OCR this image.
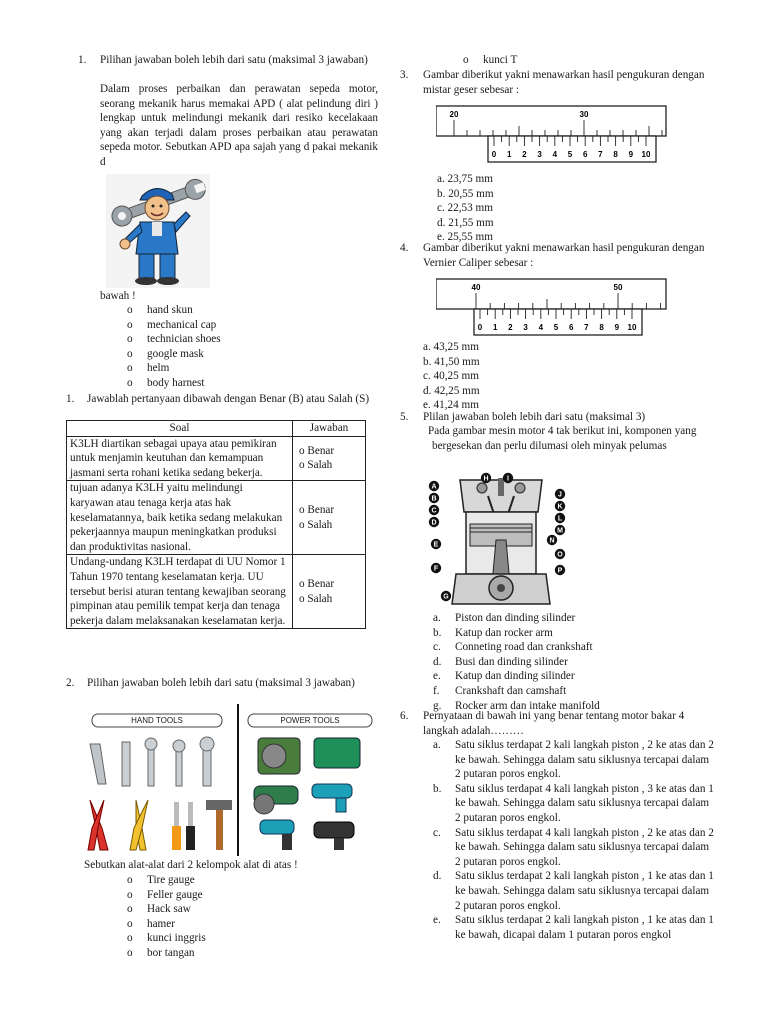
1. Pilihan jawaban boleh lebih dari satu (maksimal 3 jawaban)
Dalam proses perbaikan dan perawatan sepeda motor, seorang mekanik harus memakai APD ( alat pelindung diri ) lengkap untuk melindungi mekanik dari resiko kecelakaan yang akan terjadi dalam proses perbaikan atau perawatan sepeda motor. Sebutkan APD apa sajah yang d pakai mekanik d
bawah !
o hand skun
o mechanical cap
o technician shoes
o google mask
o helm
o body harnest
1. Jawablah pertanyaan dibawah dengan Benar (B) atau Salah (S)
Soal	Jawaban
K3LH diartikan sebagai upaya atau pemikiran untuk menjamin keutuhan dan kemampuan jasmani serta rohani ketika sedang bekerja.	o Benar
o Salah

tujuan adanya K3LH yaitu melindungi karyawan atau tenaga kerja atas hak keselamatannya, baik ketika sedang melakukan pekerjaannya maupun meningkatkan produksi dan produktivitas nasional.	o Benar
o Salah

Undang-undang K3LH terdapat di UU Nomor 1 Tahun 1970 tentang keselamatan kerja. UU tersebut berisi aturan tentang kewajiban seorang pimpinan atau pemilik tempat kerja dan tenaga pekerja dalam melaksanakan keselamatan kerja.	o Benar
o Salah
2. Pilihan jawaban boleh lebih dari satu (maksimal 3 jawaban)
HAND TOOLS	POWER TOOLS
Sebutkan alat-alat dari 2 kelompok alat di atas !
o Tire gauge
o Feller gauge
o Hack saw
o hamer
o kunci inggris
o bor tangan
o kunci T
3. Gambar diberikut yakni menawarkan hasil pengukuran dengan mistar geser sebesar :
20	30
0 1 2 3 4 5 6 7 8 9 10
a. 23,75 mm
b. 20,55 mm
c. 22,53 mm
d. 21,55 mm
e. 25,55 mm
4. Gambar diberikut yakni menawarkan hasil pengukuran dengan Vernier Caliper sebesar :
40	50
0 1 2 3 4 5 6 7 8 9 10
a. 43,25 mm
b. 41,50 mm
c. 40,25 mm
d. 42,25 mm
e. 41,24 mm
5. Plilan jawaban boleh lebih dari satu (maksimal 3)
Pada gambar mesin motor 4 tak berikut ini, komponen yang bergesekan dan perlu dilumasi oleh minyak pelumas
A
B
C
D
E
F
G
H	I
J
K
L
M
N
O
P
a. Piston dan dinding silinder
b. Katup dan rocker arm
c. Conneting road dan crankshaft
d. Busi dan dinding silinder
e. Katup dan dinding silinder
f. Crankshaft dan camshaft
g. Rocker arm dan intake manifold
6. Pernyataan di bawah ini yang benar tentang motor bakar 4 langkah adalah………
a. Satu siklus terdapat 2 kali langkah piston , 2 ke atas dan 2 ke bawah. Sehingga dalam satu siklusnya tercapai dalam 2 putaran poros engkol.
b. Satu siklus terdapat 4 kali langkah piston , 3 ke atas dan 1 ke bawah. Sehingga dalam satu siklusnya tercapai dalam 2 putaran poros engkol.
c. Satu siklus terdapat 4 kali langkah piston , 2 ke atas dan 2 ke bawah. Sehingga dalam satu siklusnya tercapai dalam 2 putaran poros engkol.
d. Satu siklus terdapat 2 kali langkah piston , 1 ke atas dan 1 ke bawah. Sehingga dalam satu siklusnya tercapai dalam 2 putaran poros engkol.
e. Satu siklus terdapat 2 kali langkah piston , 1 ke atas dan 1 ke bawah, dicapai dalam 1 putaran poros engkol
